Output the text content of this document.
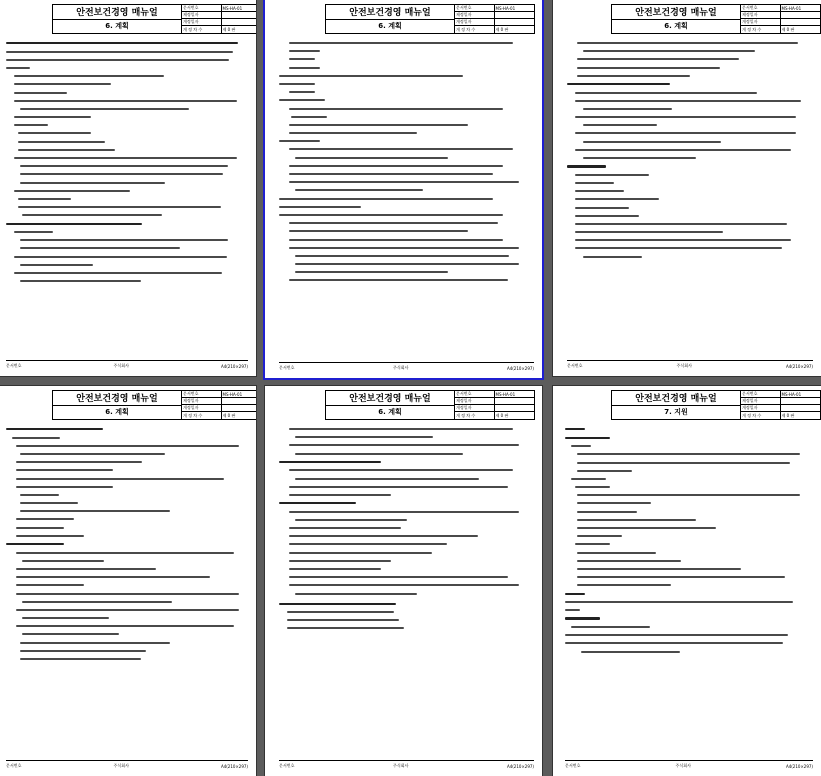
안전보건경영 매뉴얼
6. 계획
문서번호	MS-HA-01
제정일자
개정일자
개 정 차 수	제 0 판
문서번호	주식회사	A4(210×297)
안전보건경영 매뉴얼
6. 계획
문서번호	MS-HA-01
제정일자
개정일자
개 정 차 수	제 0 판
문서번호	주식회사	A4(210×297)
안전보건경영 매뉴얼
6. 계획
문서번호	MS-HA-01
제정일자
개정일자
개 정 차 수	제 0 판
문서번호	주식회사	A4(210×297)
안전보건경영 매뉴얼
6. 계획
문서번호	MS-HA-01
제정일자
개정일자
개 정 차 수	제 0 판
문서번호	주식회사	A4(210×297)
안전보건경영 매뉴얼
6. 계획
문서번호	MS-HA-01
제정일자
개정일자
개 정 차 수	제 0 판
문서번호	주식회사	A4(210×297)
안전보건경영 매뉴얼
7. 지원
문서번호	MS-HA-01
제정일자
개정일자
개 정 차 수	제 0 판
문서번호	주식회사	A4(210×297)
